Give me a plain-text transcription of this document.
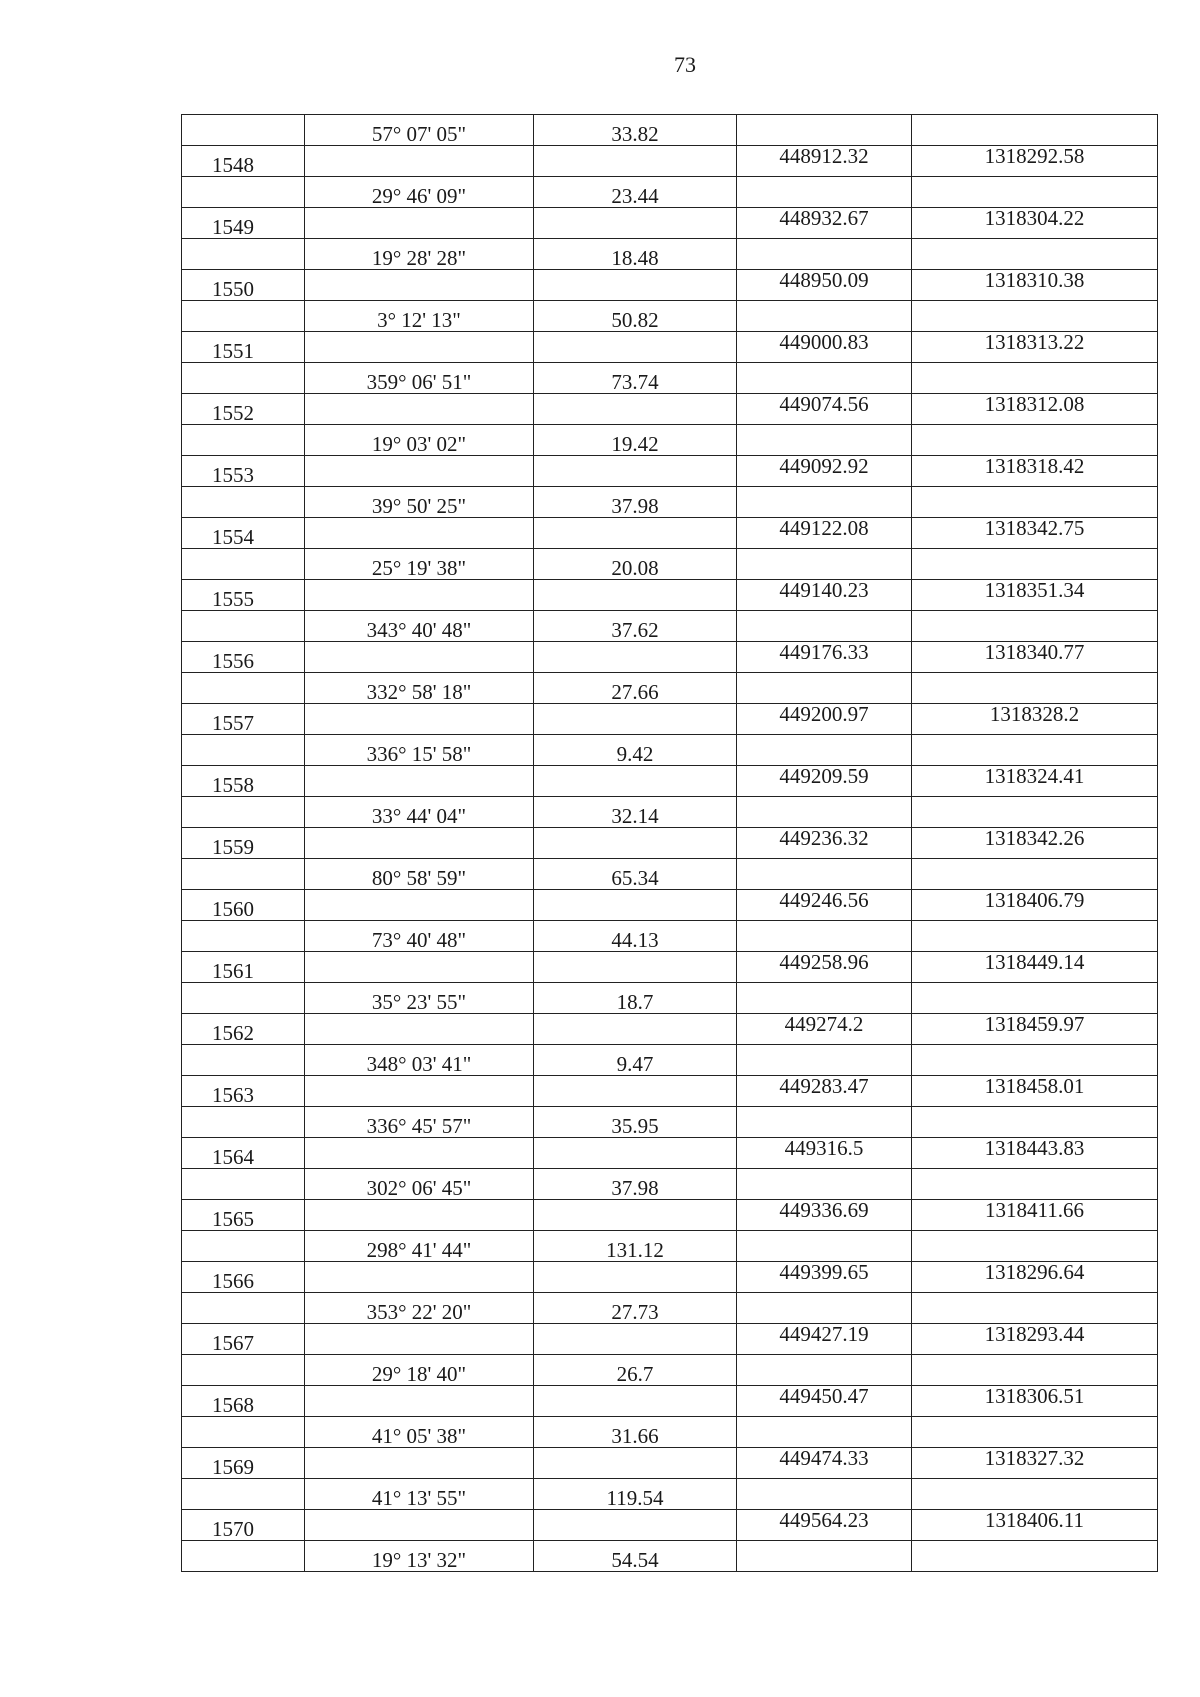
73
	57° 07' 05"	33.82		
1548			448912.32	1318292.58
	29° 46' 09"	23.44		
1549			448932.67	1318304.22
	19° 28' 28"	18.48		
1550			448950.09	1318310.38
	3° 12' 13"	50.82		
1551			449000.83	1318313.22
	359° 06' 51"	73.74		
1552			449074.56	1318312.08
	19° 03' 02"	19.42		
1553			449092.92	1318318.42
	39° 50' 25"	37.98		
1554			449122.08	1318342.75
	25° 19' 38"	20.08		
1555			449140.23	1318351.34
	343° 40' 48"	37.62		
1556			449176.33	1318340.77
	332° 58' 18"	27.66		
1557			449200.97	1318328.2
	336° 15' 58"	9.42		
1558			449209.59	1318324.41
	33° 44' 04"	32.14		
1559			449236.32	1318342.26
	80° 58' 59"	65.34		
1560			449246.56	1318406.79
	73° 40' 48"	44.13		
1561			449258.96	1318449.14
	35° 23' 55"	18.7		
1562			449274.2	1318459.97
	348° 03' 41"	9.47		
1563			449283.47	1318458.01
	336° 45' 57"	35.95		
1564			449316.5	1318443.83
	302° 06' 45"	37.98		
1565			449336.69	1318411.66
	298° 41' 44"	131.12		
1566			449399.65	1318296.64
	353° 22' 20"	27.73		
1567			449427.19	1318293.44
	29° 18' 40"	26.7		
1568			449450.47	1318306.51
	41° 05' 38"	31.66		
1569			449474.33	1318327.32
	41° 13' 55"	119.54		
1570			449564.23	1318406.11
	19° 13' 32"	54.54		
